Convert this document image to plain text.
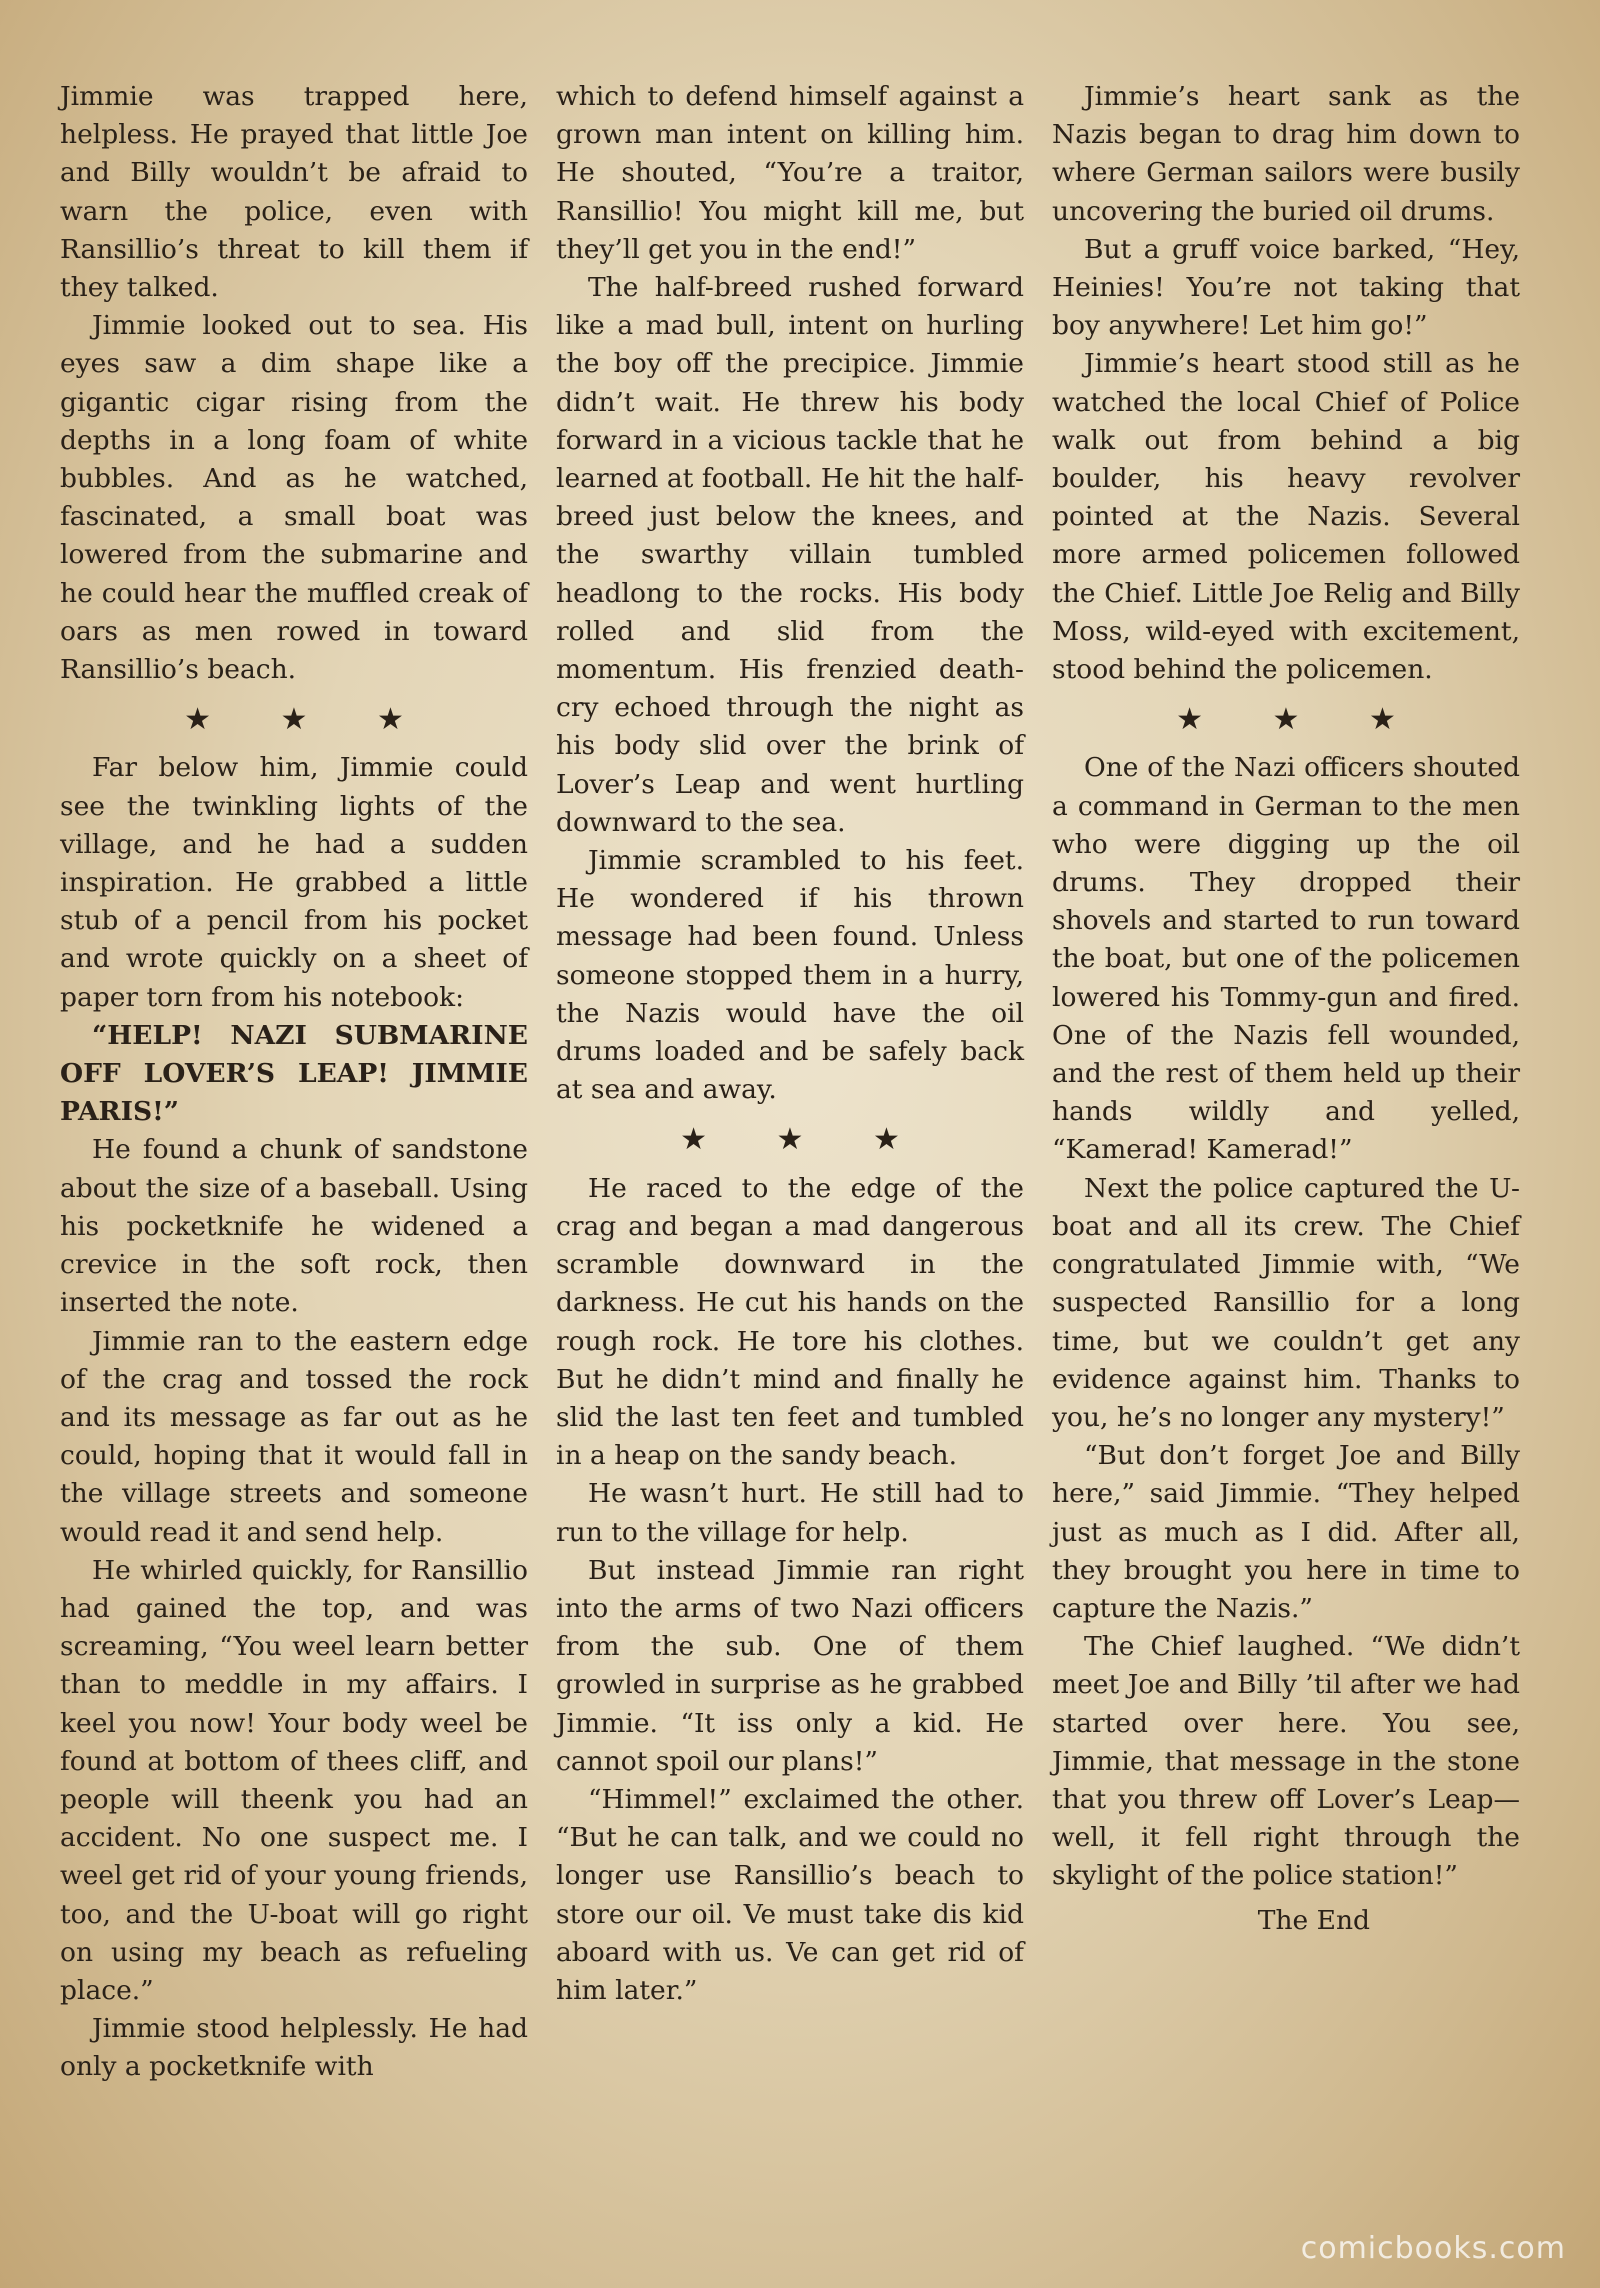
Jimmie was trapped here, helpless. He prayed that little Joe and Billy wouldn’t be afraid to warn the police, even with Ransillio’s threat to kill them if they talked.

Jimmie looked out to sea. His eyes saw a dim shape like a gigantic cigar rising from the depths in a long foam of white bubbles. And as he watched, fascinated, a small boat was lowered from the submarine and he could hear the muffled creak of oars as men rowed in toward Ransillio’s beach.

★ ★ ★

Far below him, Jimmie could see the twinkling lights of the village, and he had a sudden inspiration. He grabbed a little stub of a pencil from his pocket and wrote quickly on a sheet of paper torn from his notebook:

“HELP! NAZI SUBMARINE OFF LOVER’S LEAP! JIMMIE PARIS!”

He found a chunk of sandstone about the size of a baseball. Using his pocketknife he widened a crevice in the soft rock, then inserted the note.

Jimmie ran to the eastern edge of the crag and tossed the rock and its message as far out as he could, hoping that it would fall in the village streets and someone would read it and send help.

He whirled quickly, for Ransillio had gained the top, and was screaming, “You weel learn better than to meddle in my affairs. I keel you now! Your body weel be found at bottom of thees cliff, and people will theenk you had an accident. No one suspect me. I weel get rid of your young friends, too, and the U-boat will go right on using my beach as refueling place.”

Jimmie stood helplessly. He had only a pocketknife with

which to defend himself against a grown man intent on killing him. He shouted, “You’re a traitor, Ransillio! You might kill me, but they’ll get you in the end!”

The half-breed rushed forward like a mad bull, intent on hurling the boy off the precipice. Jimmie didn’t wait. He threw his body forward in a vicious tackle that he learned at football. He hit the half-breed just below the knees, and the swarthy villain tumbled headlong to the rocks. His body rolled and slid from the momentum. His frenzied death-cry echoed through the night as his body slid over the brink of Lover’s Leap and went hurtling downward to the sea.

Jimmie scrambled to his feet. He wondered if his thrown message had been found. Unless someone stopped them in a hurry, the Nazis would have the oil drums loaded and be safely back at sea and away.

★ ★ ★

He raced to the edge of the crag and began a mad dangerous scramble downward in the darkness. He cut his hands on the rough rock. He tore his clothes. But he didn’t mind and finally he slid the last ten feet and tumbled in a heap on the sandy beach.

He wasn’t hurt. He still had to run to the village for help.

But instead Jimmie ran right into the arms of two Nazi officers from the sub. One of them growled in surprise as he grabbed Jimmie. “It iss only a kid. He cannot spoil our plans!”

“Himmel!” exclaimed the other. “But he can talk, and we could no longer use Ransillio’s beach to store our oil. Ve must take dis kid aboard with us. Ve can get rid of him later.”

Jimmie’s heart sank as the Nazis began to drag him down to where German sailors were busily uncovering the buried oil drums.

But a gruff voice barked, “Hey, Heinies! You’re not taking that boy anywhere! Let him go!”

Jimmie’s heart stood still as he watched the local Chief of Police walk out from behind a big boulder, his heavy revolver pointed at the Nazis. Several more armed policemen followed the Chief. Little Joe Relig and Billy Moss, wild-eyed with excitement, stood behind the policemen.

★ ★ ★

One of the Nazi officers shouted a command in German to the men who were digging up the oil drums. They dropped their shovels and started to run toward the boat, but one of the policemen lowered his Tommy-gun and fired. One of the Nazis fell wounded, and the rest of them held up their hands wildly and yelled, “Kamerad! Kamerad!”

Next the police captured the U-boat and all its crew. The Chief congratulated Jimmie with, “We suspected Ransillio for a long time, but we couldn’t get any evidence against him. Thanks to you, he’s no longer any mystery!”

“But don’t forget Joe and Billy here,” said Jimmie. “They helped just as much as I did. After all, they brought you here in time to capture the Nazis.”

The Chief laughed. “We didn’t meet Joe and Billy ’til after we had started over here. You see, Jimmie, that message in the stone that you threw off Lover’s Leap—well, it fell right through the skylight of the police station!”

The End
comicbooks.com
